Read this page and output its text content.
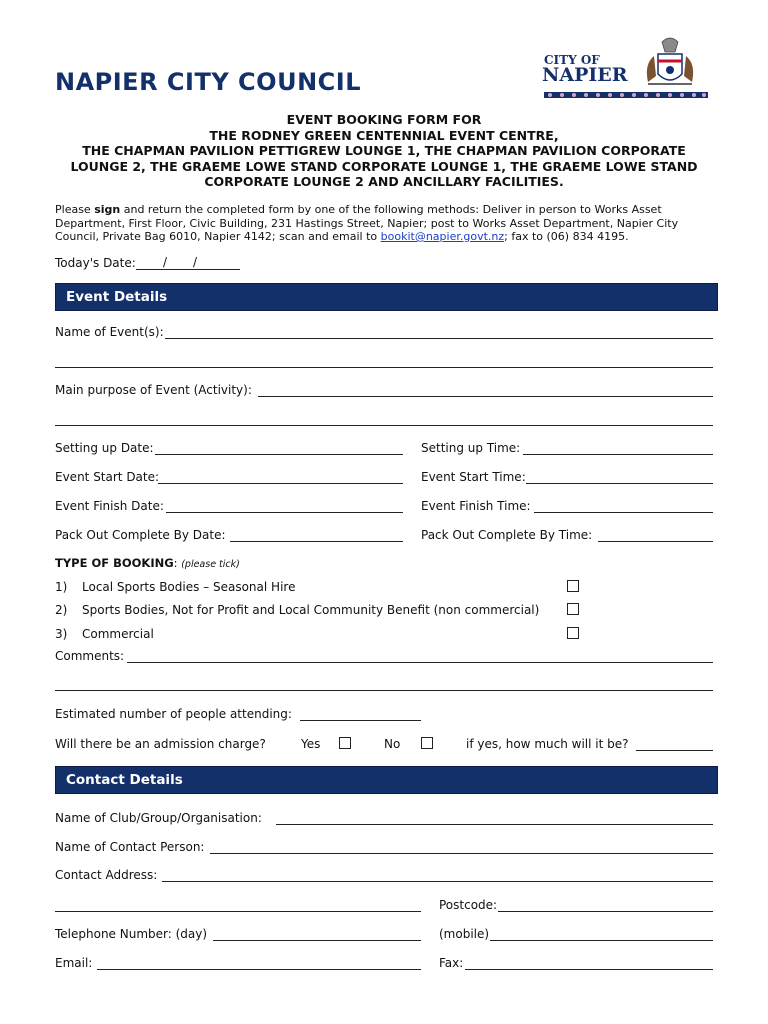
NAPIER CITY COUNCIL
CITY OF
NAPIER
EVENT BOOKING FORM FOR
THE RODNEY GREEN CENTENNIAL EVENT CENTRE,
THE CHAPMAN PAVILION PETTIGREW LOUNGE 1, THE CHAPMAN PAVILION CORPORATE
LOUNGE 2, THE GRAEME LOWE STAND CORPORATE LOUNGE 1, THE GRAEME LOWE STAND
CORPORATE LOUNGE 2 AND ANCILLARY FACILITIES.
Please sign and return the completed form by one of the following methods: Deliver in person to Works Asset Department, First Floor, Civic Building, 231 Hastings Street, Napier; post to Works Asset Department, Napier City Council, Private Bag 6010, Napier 4142; scan and email to bookit@napier.govt.nz; fax to (06) 834 4195.
Today's Date: / /
Event Details
Name of Event(s):
Main purpose of Event (Activity):
Setting up Date:	Setting up Time:
Event Start Date:	Event Start Time:
Event Finish Date:	Event Finish Time:
Pack Out Complete By Date:	Pack Out Complete By Time:
TYPE OF BOOKING: (please tick)
1) Local Sports Bodies – Seasonal Hire
2) Sports Bodies, Not for Profit and Local Community Benefit (non commercial)
3) Commercial
Comments:
Estimated number of people attending:
Will there be an admission charge?	Yes	No	if yes, how much will it be?
Contact Details
Name of Club/Group/Organisation:
Name of Contact Person:
Contact Address:
Postcode:
Telephone Number: (day)	(mobile)
Email:	Fax:
